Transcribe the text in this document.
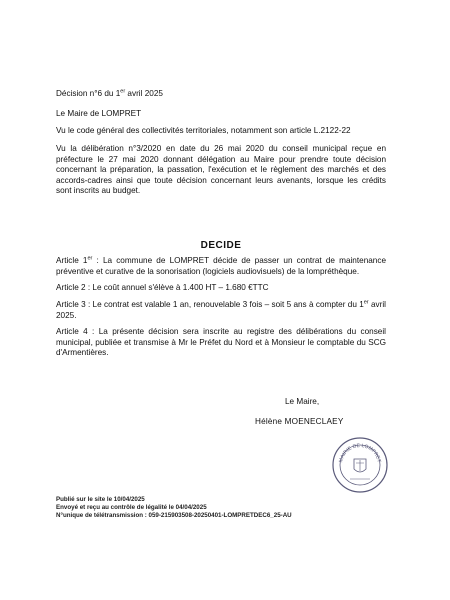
Décision n°6 du 1er avril 2025
Le Maire de LOMPRET
Vu le code général des collectivités territoriales, notamment son article L.2122-22
Vu la délibération n°3/2020 en date du 26 mai 2020 du conseil municipal reçue en préfecture le 27 mai 2020 donnant délégation au Maire pour prendre toute décision concernant la préparation, la passation, l'exécution et le règlement des marchés et des accords-cadres ainsi que toute décision concernant leurs avenants, lorsque les crédits sont inscrits au budget.
DECIDE
Article 1er : La commune de LOMPRET décide de passer un contrat de maintenance préventive et curative de la sonorisation (logiciels audiovisuels) de la lompréthèque.
Article 2 : Le coût annuel s'élève à 1.400 HT – 1.680 €TTC
Article 3 : Le contrat est valable 1 an, renouvelable 3 fois – soit 5 ans à compter du 1er avril 2025.
Article 4 : La présente décision sera inscrite au registre des délibérations du conseil municipal, publiée et transmise à Mr le Préfet du Nord et à Monsieur le comptable du SCG d'Armentières.
Le Maire,
Hélène MOENECLAEY
MAIRIE DE LOMPRET
Publié sur le site le 10/04/2025
Envoyé et reçu au contrôle de légalité le 04/04/2025
N°unique de télétransmission : 059-215903508-20250401-LOMPRETDEC6_25-AU
